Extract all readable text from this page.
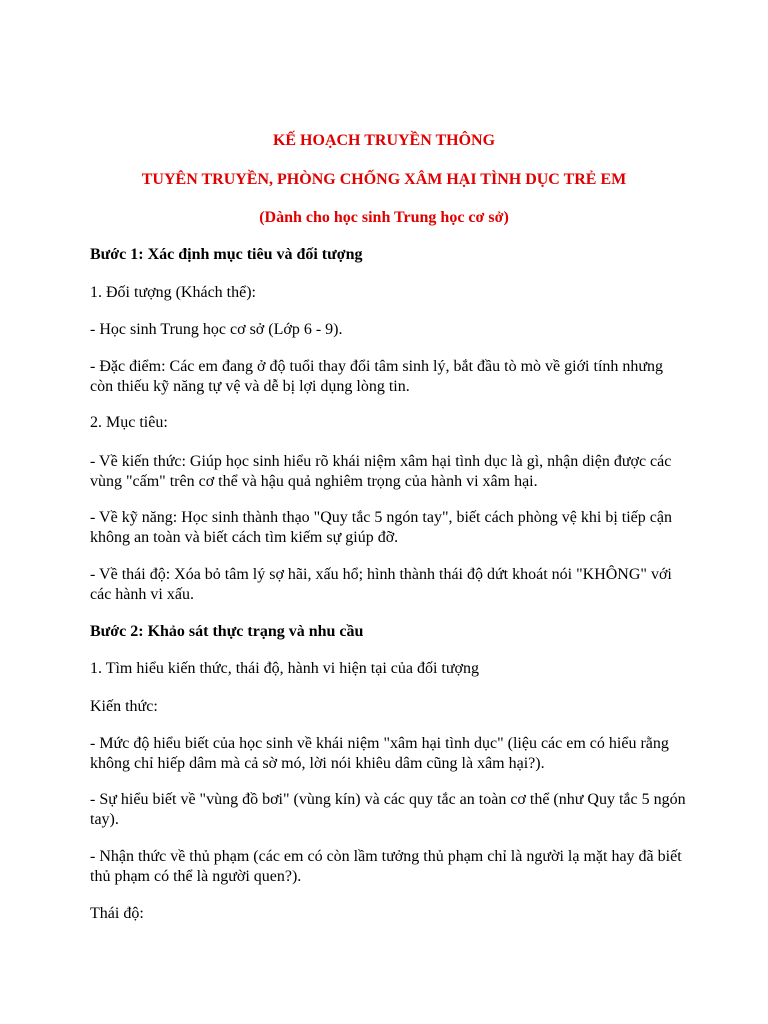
KẾ HOẠCH TRUYỀN THÔNG
TUYÊN TRUYỀN, PHÒNG CHỐNG XÂM HẠI TÌNH DỤC TRẺ EM
(Dành cho học sinh Trung học cơ sở)

Bước 1: Xác định mục tiêu và đối tượng

1. Đối tượng (Khách thể):

- Học sinh Trung học cơ sở (Lớp 6 - 9).

- Đặc điểm: Các em đang ở độ tuổi thay đổi tâm sinh lý, bắt đầu tò mò về giới tính nhưng còn thiếu kỹ năng tự vệ và dễ bị lợi dụng lòng tin.

2. Mục tiêu:

- Về kiến thức: Giúp học sinh hiểu rõ khái niệm xâm hại tình dục là gì, nhận diện được các vùng "cấm" trên cơ thể và hậu quả nghiêm trọng của hành vi xâm hại.

- Về kỹ năng: Học sinh thành thạo "Quy tắc 5 ngón tay", biết cách phòng vệ khi bị tiếp cận không an toàn và biết cách tìm kiếm sự giúp đỡ.

- Về thái độ: Xóa bỏ tâm lý sợ hãi, xấu hổ; hình thành thái độ dứt khoát nói "KHÔNG" với các hành vi xấu.

Bước 2: Khảo sát thực trạng và nhu cầu

1. Tìm hiểu kiến thức, thái độ, hành vi hiện tại của đối tượng

Kiến thức:

- Mức độ hiểu biết của học sinh về khái niệm "xâm hại tình dục" (liệu các em có hiểu rằng không chỉ hiếp dâm mà cả sờ mó, lời nói khiêu dâm cũng là xâm hại?).

- Sự hiểu biết về "vùng đồ bơi" (vùng kín) và các quy tắc an toàn cơ thể (như Quy tắc 5 ngón tay).

- Nhận thức về thủ phạm (các em có còn lầm tưởng thủ phạm chỉ là người lạ mặt hay đã biết thủ phạm có thể là người quen?).

Thái độ:
